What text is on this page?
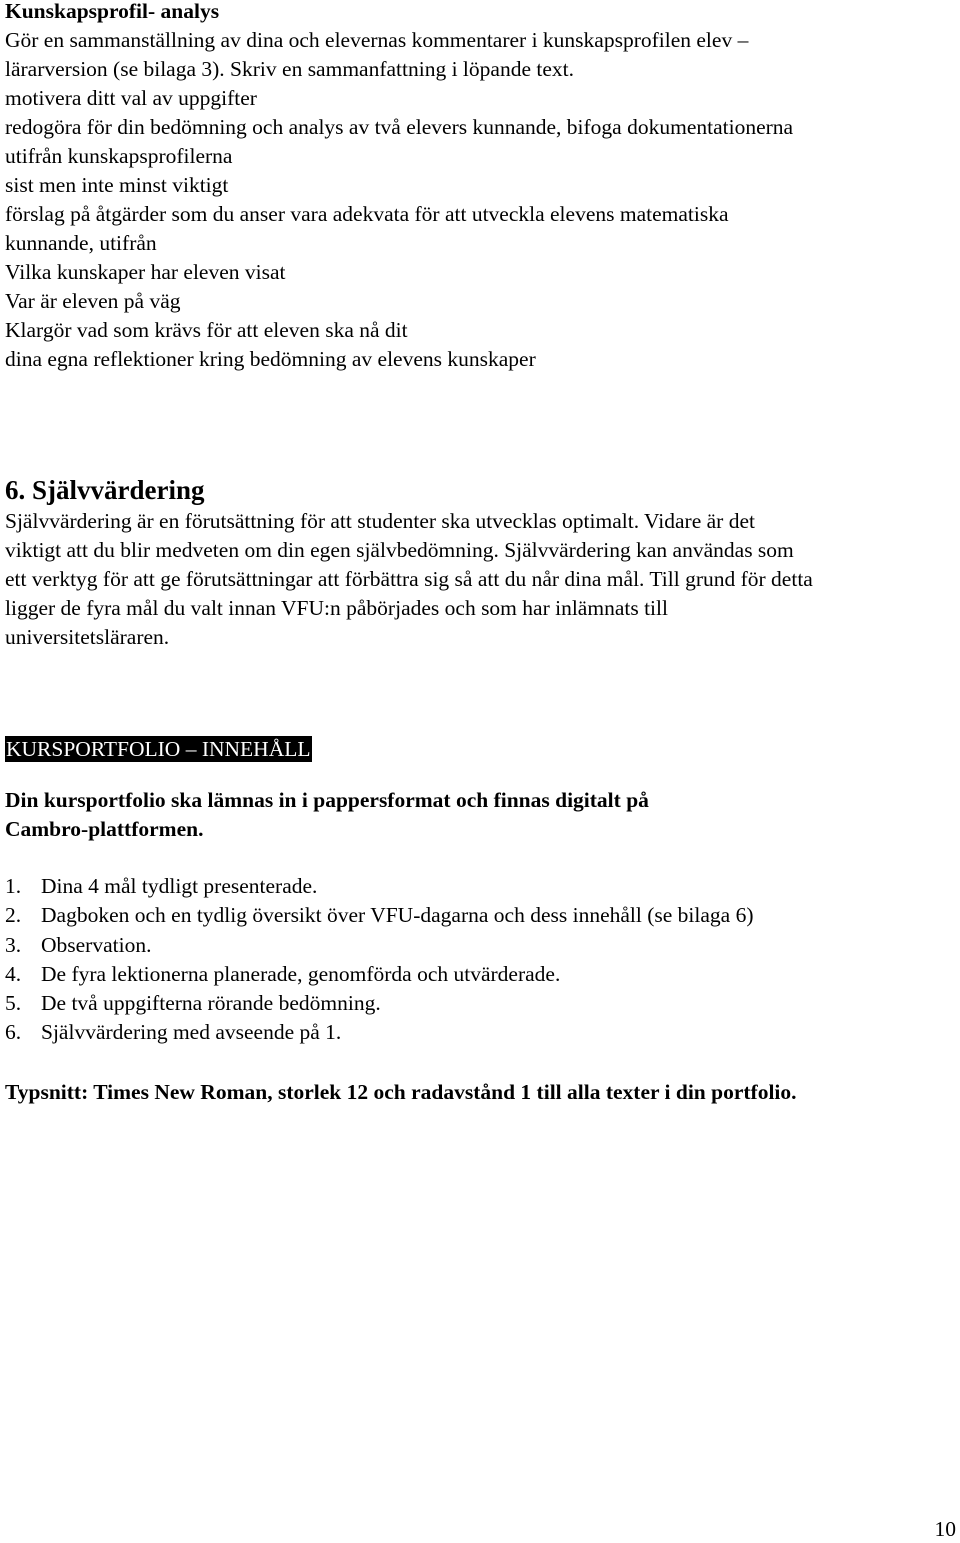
Kunskapsprofil- analys
Gör en sammanställning av dina och elevernas kommentarer i kunskapsprofilen elev –
lärarversion (se bilaga 3). Skriv en sammanfattning i löpande text.
motivera ditt val av uppgifter
redogöra för din bedömning och analys av två elevers kunnande, bifoga dokumentationerna
utifrån kunskapsprofilerna
sist men inte minst viktigt
förslag på åtgärder som du anser vara adekvata för att utveckla elevens matematiska
kunnande, utifrån
Vilka kunskaper har eleven visat
Var är eleven på väg
Klargör vad som krävs för att eleven ska nå dit
dina egna reflektioner kring bedömning av elevens kunskaper
6. Självvärdering
Självvärdering är en förutsättning för att studenter ska utvecklas optimalt. Vidare är det
viktigt att du blir medveten om din egen självbedömning. Självvärdering kan användas som
ett verktyg för att ge förutsättningar att förbättra sig så att du når dina mål. Till grund för detta
ligger de fyra mål du valt innan VFU:n påbörjades och som har inlämnats till
universitetsläraren.
KURSPORTFOLIO – INNEHÅLL
Din kursportfolio ska lämnas in i pappersformat och finnas digitalt på
Cambro-plattformen.
1. Dina 4 mål tydligt presenterade.
2. Dagboken och en tydlig översikt över VFU-dagarna och dess innehåll (se bilaga 6)
3. Observation.
4. De fyra lektionerna planerade, genomförda och utvärderade.
5. De två uppgifterna rörande bedömning.
6. Självvärdering med avseende på 1.
Typsnitt: Times New Roman, storlek 12 och radavstånd 1 till alla texter i din portfolio.
10
